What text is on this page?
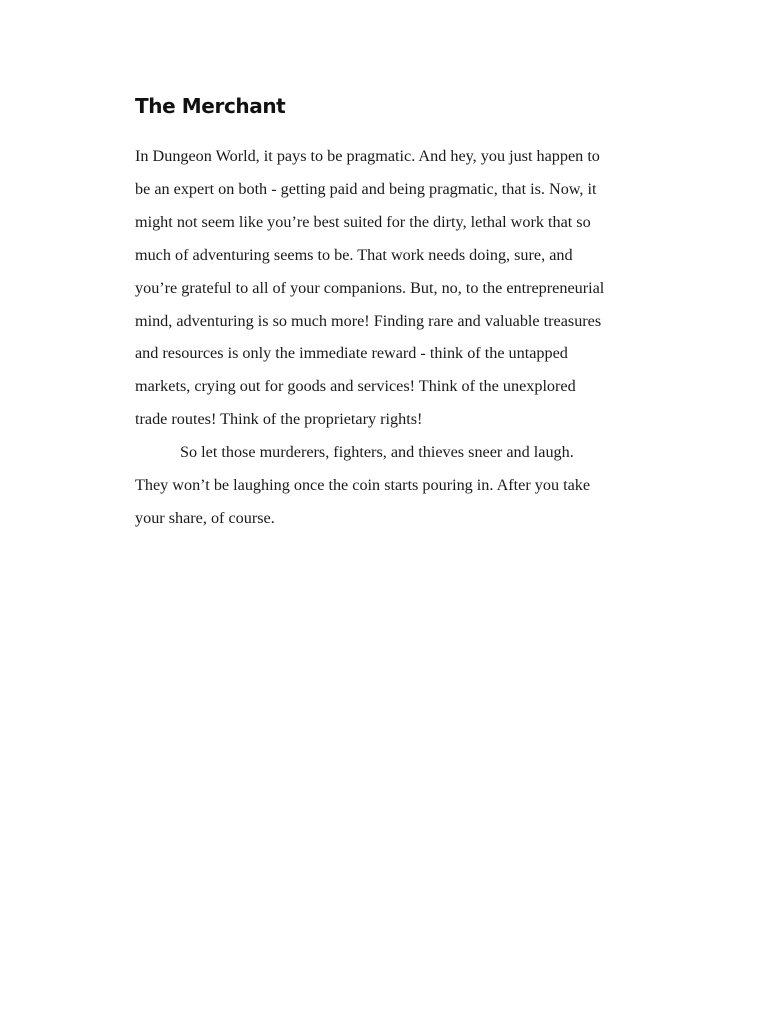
The Merchant

In Dungeon World, it pays to be pragmatic. And hey, you just happen to
be an expert on both - getting paid and being pragmatic, that is. Now, it
might not seem like you’re best suited for the dirty, lethal work that so
much of adventuring seems to be. That work needs doing, sure, and
you’re grateful to all of your companions. But, no, to the entrepreneurial
mind, adventuring is so much more! Finding rare and valuable treasures
and resources is only the immediate reward - think of the untapped
markets, crying out for goods and services! Think of the unexplored
trade routes! Think of the proprietary rights!

So let those murderers, fighters, and thieves sneer and laugh.
They won’t be laughing once the coin starts pouring in. After you take
your share, of course.
